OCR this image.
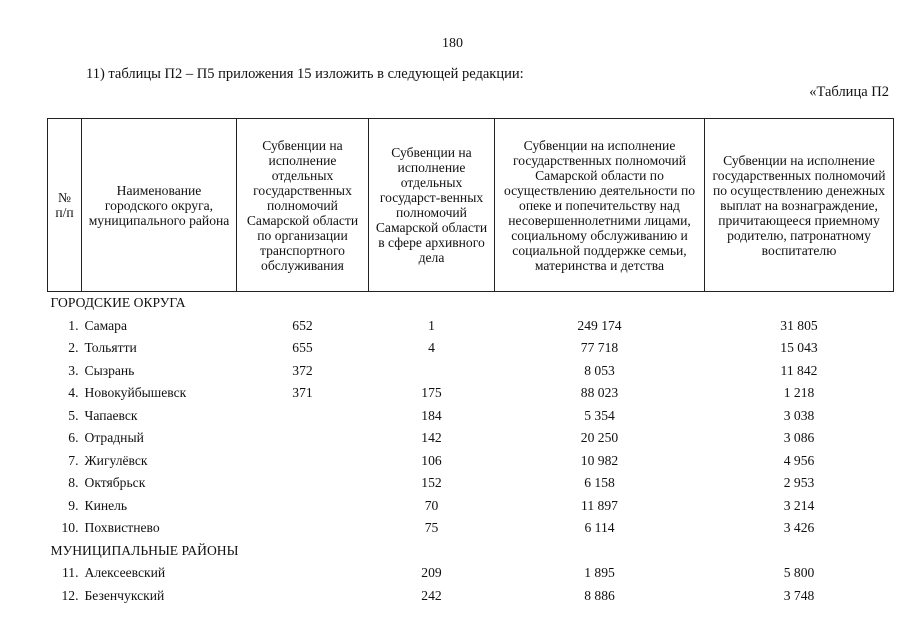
180
11) таблицы П2 – П5 приложения 15 изложить в следующей редакции:
«Таблица П2
№ п/п	Наименование городского округа, муниципального района	Субвенции на исполнение отдельных государственных полномочий Самарской области по организации транспортного обслуживания	Субвенции на исполнение отдельных государст-венных полномочий Самарской области в сфере архивного дела	Субвенции на исполнение государственных полномочий Самарской области по осуществлению деятельности по опеке и попечительству над несовершеннолетними лицами, социальному обслуживанию и социальной поддержке семьи, материнства и детства	Субвенции на исполнение государственных полномочий по осуществлению денежных выплат на вознаграждение, причитающееся приемному родителю, патронатному воспитателю
ГОРОДСКИЕ ОКРУГА					
1.	Самара	652	1	249 174	31 805
2.	Тольятти	655	4	77 718	15 043
3.	Сызрань	372		8 053	11 842
4.	Новокуйбышевск	371	175	88 023	1 218
5.	Чапаевск		184	5 354	3 038
6.	Отрадный		142	20 250	3 086
7.	Жигулёвск		106	10 982	4 956
8.	Октябрьск		152	6 158	2 953
9.	Кинель		70	11 897	3 214
10.	Похвистнево		75	6 114	3 426
МУНИЦИПАЛЬНЫЕ РАЙОНЫ					
11.	Алексеевский		209	1 895	5 800
12.	Безенчукский		242	8 886	3 748
